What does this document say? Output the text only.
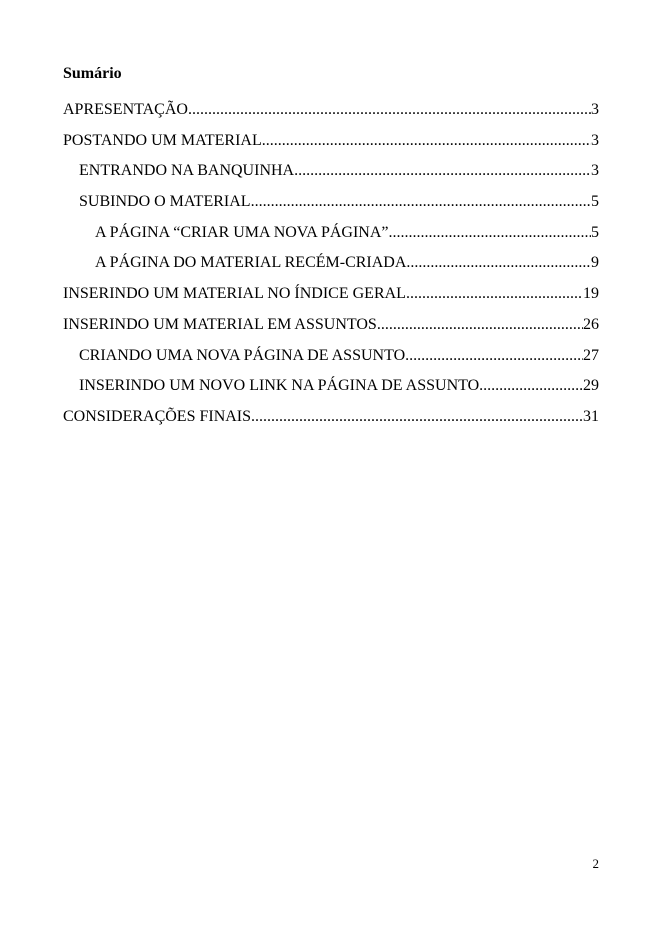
Sumário
APRESENTAÇÃO .....	3
POSTANDO UM MATERIAL .....	3
ENTRANDO NA BANQUINHA .....	3
SUBINDO O MATERIAL .....	5
A PÁGINA “CRIAR UMA NOVA PÁGINA” .....	5
A PÁGINA DO MATERIAL RECÉM-CRIADA .....	9
INSERINDO UM MATERIAL NO ÍNDICE GERAL .....	19
INSERINDO UM MATERIAL EM ASSUNTOS .....	26
CRIANDO UMA NOVA PÁGINA DE ASSUNTO .....	27
INSERINDO UM NOVO LINK NA PÁGINA DE ASSUNTO .....	29
CONSIDERAÇÕES FINAIS .....	31
2
